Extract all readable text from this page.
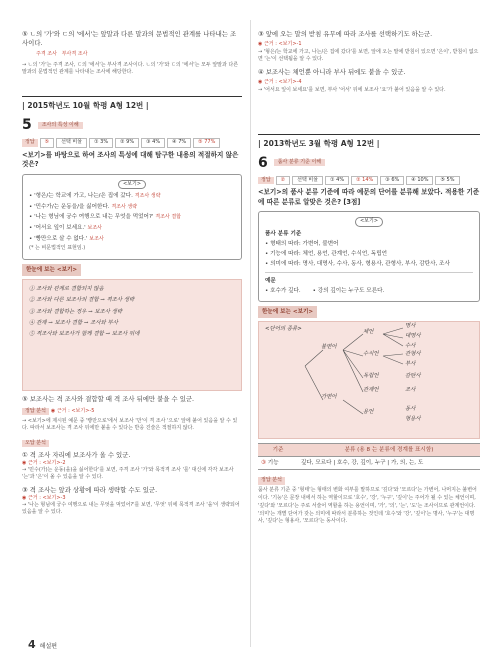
⑤ ㄴ의 '가'와 ㄷ의 '에서'는 앞말과 다른 말과의 문법적인 관계를 나타내는 조사이다.
주격 조사 부사격 조사
→ ㄴ의 '가'는 주격 조사, ㄷ의 '에서'는 부사격 조사이다. ㄴ의 '가'와 ㄷ의 '에서'는 모두 앞말과 다른 말과의 문법적인 관계를 나타내는 조사에 해당한다.
| 2015학년도 10월 학평 A형 12번 |
5 조사의 특성 이해
정답	⑤	선택 비율	① 3%	② 9%	③ 4%	④ 7%	⑤ 77%
<보기>를 바탕으로 하여 조사의 특성에 대해 탐구한 내용의 적절하지 않은 것은?
<보기>
• '형은/는 학교에 가고, 나는/은 집에 갔다. 격조사 생략
• '민수가/는 운동을/을 싫어한다. 격조사 생략
• '나는 형님에 궁수 여행으로 내는 무엇을 먹었어?' 격조사 결합
• '어서요 잎이 보세요.' 보조사
• '빵만으로 살 수 없다.' 보조사
(* 는 비문법적인 표현임.)
한눈에 보는 <보기>
① 조사와 관계로 결합되지 않음
② 조사와 다른 보조사의 결합 → 격조사 생략
③ 조사와 결합하는 경우 → 보조사 생략
④ 관계 → 보조사 결합 → 조사와 부사
⑤ 격조사와 보조사가 함께 결합 → 보조사 뒤에
⑤ 보조사는 격 조사와 결합할 때 격 조사 뒤에만 붙을 수 있군.
정답 분석 ◉ 근거 : <보기>-5
→ <보기>에 제시된 예문 중 '빵만으로'에서 보조사 '만'이 격 조사 '으로' 앞에 붙어 있음을 알 수 있다. 따라서 보조사는 격 조사 뒤에만 붙을 수 있다는 반응 진술은 적절하지 않다.
오답 분석
① 격 조사 자리에 보조사가 올 수 있군.
◉ 근거 : <보기>-2
→ '민수(가)는 운동(을)을 싫어한다'를 보면, 주격 조사 '가'와 목적격 조사 '를' 대신에 각각 보조사 '는'과 '은'이 올 수 있음을 알 수 있다.
③ 격 조사는 앞과 상황에 따라 생략할 수도 있군.
◉ 근거 : <보기>-3
→ '나는 형님에 궁수 여행으로 내는 무엇을 먹었어?'를 보면, '무엇' 뒤에 목적격 조사 '을'이 생략되어 있음을 알 수 있다.
③ 앞에 오는 말의 받침 유무에 따라 조사를 선택하기도 하는군.
◉ 근거 : <보기>-1
→ '형은/는 학교에 가고, 나는/은 집에 갔다'를 보면, 앞에 오는 말에 받침이 있으면 '은이', 받침이 없으면 '는'이 선택됨을 알 수 있다.
④ 보조사는 체언뿐 아니라 부사 뒤에도 붙을 수 있군.
◉ 근거 : <보기>-4
→ '어서요 잎이 보세요'를 보면, 부사 '어서' 뒤에 보조사 '요'가 붙어 있음을 알 수 있다.
| 2013학년도 3월 학평 A형 12번 |
6 품사 분류 기준 이해
정답	②	선택 비율	① 4%	② 14%	③ 6%	④ 10%	⑤ 5%
<보기>의 품사 분류 기준에 따라 예문의 단어를 분류해 보았다. 적용한 기준에 따른 분류로 알맞은 것은? [3점]
<보기>
품사 분류 기준
• 형태의 따라: 가변어, 불변어
• 기능에 따라: 체언, 용언, 관계언, 수식언, 독립언
• 의미에 따라: 명사, 대명사, 수사, 동사, 형용사, 관형사, 부사, 감탄사, 조사
예문
• 호수가 깊다. • 강의 깊이는 누구도 모른다.
한눈에 보는 <보기>
<단어의 종류>
불변어
가변어
체언
수식언
독립언
관계언
용언
명사
대명사
수사
관형사
부사
감탄사
조사
동사
형용사
기준	분류 (용 8 는 분류에 경계를 표시함)
③ 기능	깊다, 모르다 | 호수, 강, 깊이, 누구 | 가, 의, 는, 도
정답 분석
품사 분류 기준 중 '형태'는 형태의 변화 여부를 말하므로 '깊다'와 '모르다'는 가변어, 나머지는 불변어이다. '기능'은 문장 내에서 하는 역할이므로 '호수', '강', '누구', '깊이'는 주어가 될 수 있는 체언이며, '깊다'와 '모르다'는 주로 서술어 역할을 하는 용언이며, '가', '의', '는', '도'는 조사이므로 관계언이다. '의미'는 개별 단어가 갖는 의미에 따라서 분류하는 것인데 '호수'와 '강', '깊이'는 명사, '누구'는 대명사, '깊다'는 형용사, '모르다'는 동사이다.
4 해설편
